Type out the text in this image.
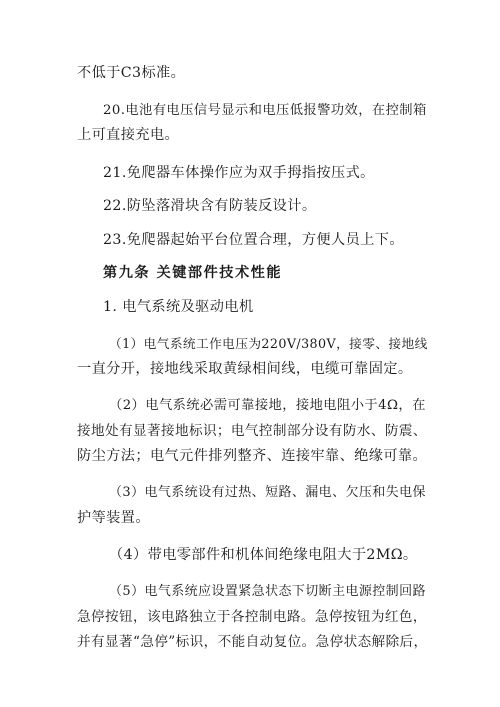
不低于C3标准。
20.电池有电压信号显示和电压低报警功效，在控制箱
上可直接充电。
21.免爬器车体操作应为双手拇指按压式。
22.防坠落滑块含有防装反设计。
23.免爬器起始平台位置合理，方便人员上下。
第九条 关键部件技术性能
1. 电气系统及驱动电机
（1）电气系统工作电压为220V/380V，接零、接地线
一直分开，接地线采取黄绿相间线，电缆可靠固定。
（2）电气系统必需可靠接地，接地电阻小于4Ω，在
接地处有显著接地标识；电气控制部分设有防水、防震、
防尘方法；电气元件排列整齐、连接牢靠、绝缘可靠。
（3）电气系统设有过热、短路、漏电、欠压和失电保
护等装置。
（4）带电零部件和机体间绝缘电阻大于2MΩ。
（5）电气系统应设置紧急状态下切断主电源控制回路
急停按钮，该电路独立于各控制电路。急停按钮为红色，
并有显著“急停”标识，不能自动复位。急停状态解除后，
